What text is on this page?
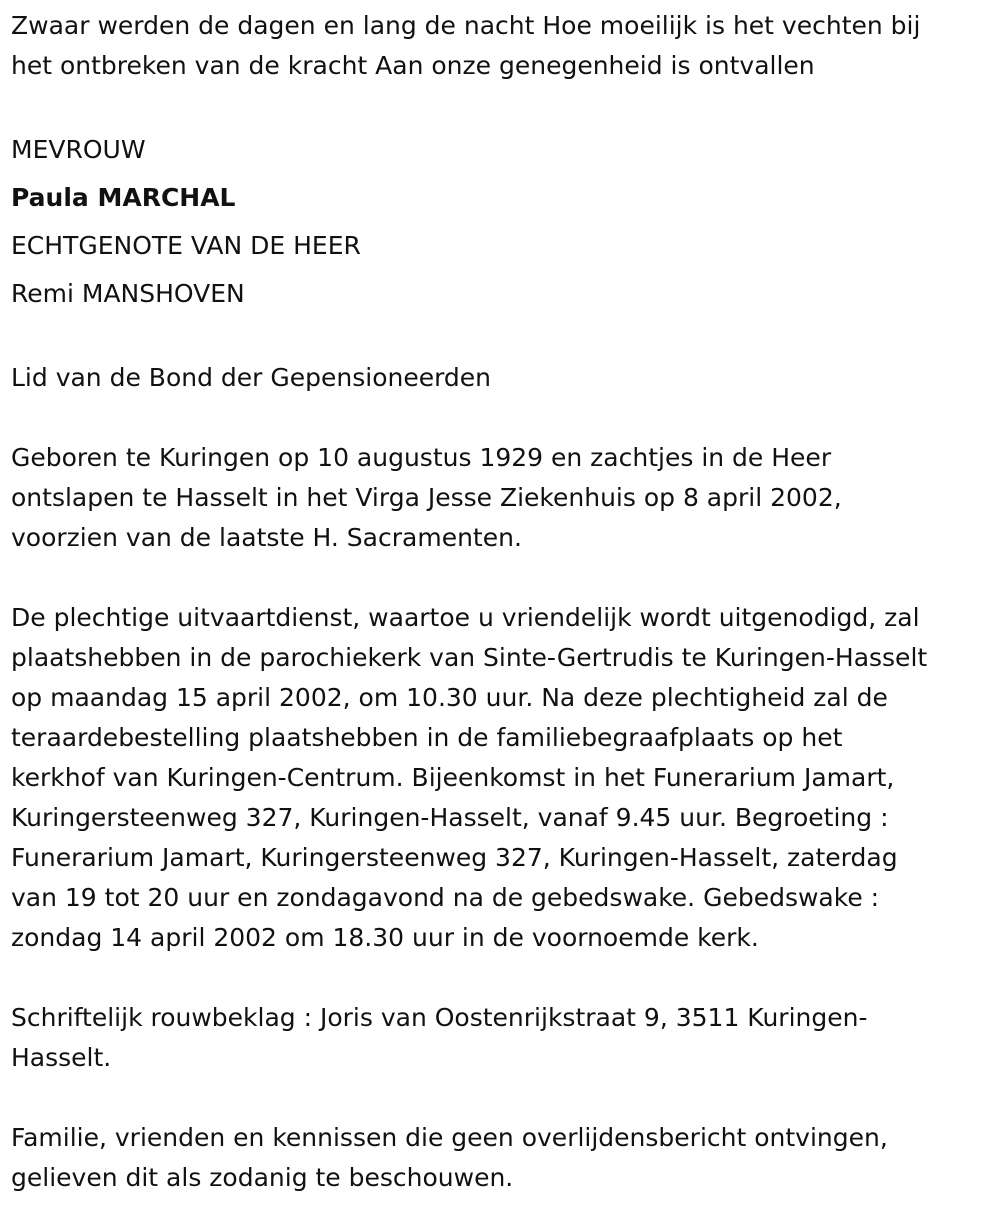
Zwaar werden de dagen en lang de nacht Hoe moeilijk is het vechten bij
het ontbreken van de kracht Aan onze genegenheid is ontvallen

MEVROUW

Paula MARCHAL

ECHTGENOTE VAN DE HEER

Remi MANSHOVEN

Lid van de Bond der Gepensioneerden

Geboren te Kuringen op 10 augustus 1929 en zachtjes in de Heer
ontslapen te Hasselt in het Virga Jesse Ziekenhuis op 8 april 2002,
voorzien van de laatste H. Sacramenten.

De plechtige uitvaartdienst, waartoe u vriendelijk wordt uitgenodigd, zal
plaatshebben in de parochiekerk van Sinte-Gertrudis te Kuringen-Hasselt
op maandag 15 april 2002, om 10.30 uur. Na deze plechtigheid zal de
teraardebestelling plaatshebben in de familiebegraafplaats op het
kerkhof van Kuringen-Centrum. Bijeenkomst in het Funerarium Jamart,
Kuringersteenweg 327, Kuringen-Hasselt, vanaf 9.45 uur. Begroeting :
Funerarium Jamart, Kuringersteenweg 327, Kuringen-Hasselt, zaterdag
van 19 tot 20 uur en zondagavond na de gebedswake. Gebedswake :
zondag 14 april 2002 om 18.30 uur in de voornoemde kerk.

Schriftelijk rouwbeklag : Joris van Oostenrijkstraat 9, 3511 Kuringen-
Hasselt.

Familie, vrienden en kennissen die geen overlijdensbericht ontvingen,
gelieven dit als zodanig te beschouwen.
